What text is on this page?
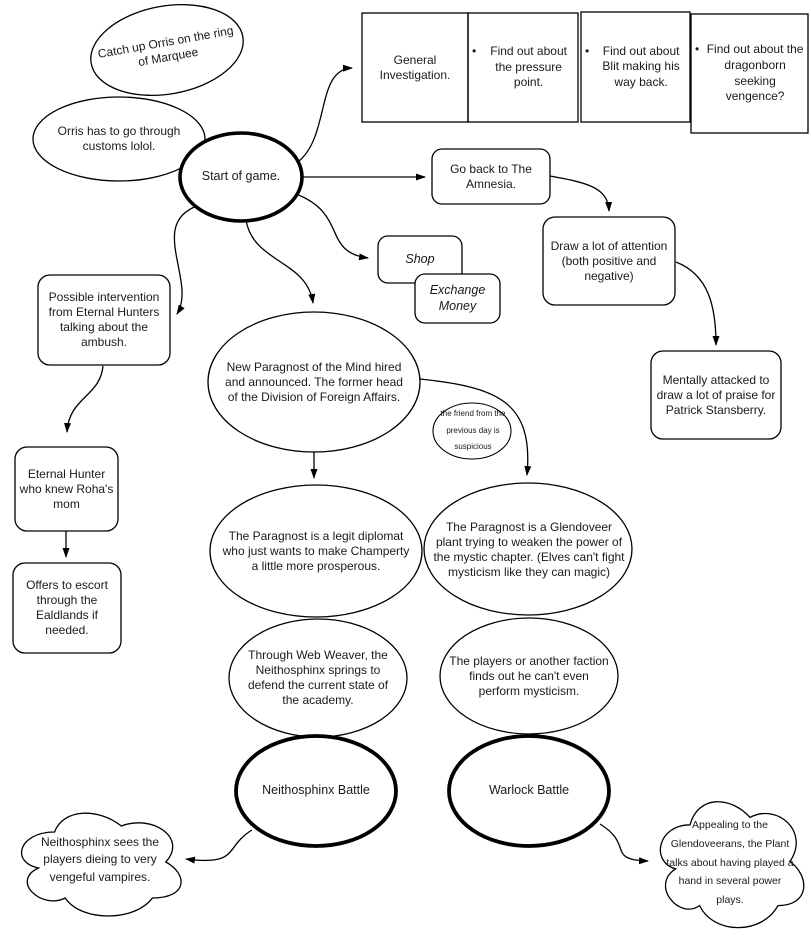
Catch up Orris on the ring of Marquee
Orris has to go through customs lolol.
Start of game.
General Investigation.
•	Find out about the pressure point.
•	Find out about Blit making his way back.
• Find out about the dragonborn seeking vengence?
Go back to The Amnesia.
Shop
Exchange Money
Draw a lot of attention (both positive and negative)
Mentally attacked to draw a lot of praise for Patrick Stansberry.
Possible intervention from Eternal Hunters talking about the ambush.
Eternal Hunter who knew Roha's mom
Offers to escort through the Ealdlands if needed.
New Paragnost of the Mind hired and announced. The former head of the Division of Foreign Affairs.
the friend from the previous day is suspicious
The Paragnost is a legit diplomat who just wants to make Champerty a little more prosperous.
The Paragnost is a Glendoveer plant trying to weaken the power of the mystic chapter. (Elves can't fight mysticism like they can magic)
Through Web Weaver, the Neithosphinx springs to defend the current state of the academy.
The players or another faction finds out he can't even perform mysticism.
Neithosphinx Battle	Warlock Battle
Neithosphinx sees the players dieing to very vengeful vampires.
Appealing to the Glendoveerans, the Plant talks about having played a hand in several power plays.
